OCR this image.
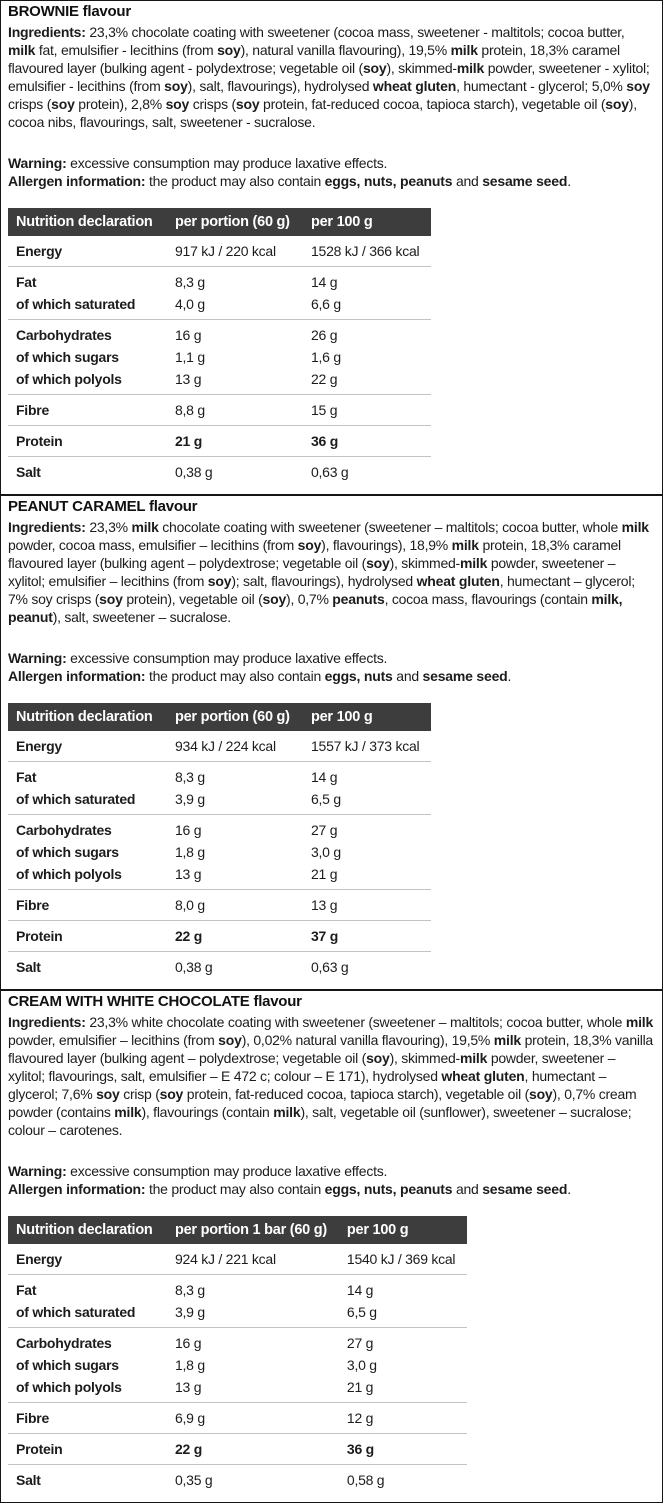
BROWNIE flavour

Ingredients: 23,3% chocolate coating with sweetener (cocoa mass, sweetener - maltitols; cocoa butter, milk fat, emulsifier - lecithins (from soy), natural vanilla flavouring), 19,5% milk protein, 18,3% caramel flavoured layer (bulking agent - polydextrose; vegetable oil (soy), skimmed-milk powder, sweetener - xylitol; emulsifier - lecithins (from soy), salt, flavourings), hydrolysed wheat gluten, humectant - glycerol; 5,0% soy crisps (soy protein), 2,8% soy crisps (soy protein, fat-reduced cocoa, tapioca starch), vegetable oil (soy), cocoa nibs, flavourings, salt, sweetener - sucralose.

Warning: excessive consumption may produce laxative effects.

Allergen information: the product may also contain eggs, nuts, peanuts and sesame seed.

Nutrition declaration	per portion (60 g)	per 100 g
Energy	917 kJ / 220 kcal	1528 kJ / 366 kcal
Fat	8,3 g	14 g
of which saturated	4,0 g	6,6 g
Carbohydrates	16 g	26 g
of which sugars	1,1 g	1,6 g
of which polyols	13 g	22 g
Fibre	8,8 g	15 g
Protein	21 g	36 g
Salt	0,38 g	0,63 g
PEANUT CARAMEL flavour

Ingredients: 23,3% milk chocolate coating with sweetener (sweetener – maltitols; cocoa butter, whole milk powder, cocoa mass, emulsifier – lecithins (from soy), flavourings), 18,9% milk protein, 18,3% caramel flavoured layer (bulking agent – polydextrose; vegetable oil (soy), skimmed-milk powder, sweetener – xylitol; emulsifier – lecithins (from soy); salt, flavourings), hydrolysed wheat gluten, humectant – glycerol; 7% soy crisps (soy protein), vegetable oil (soy), 0,7% peanuts, cocoa mass, flavourings (contain milk, peanut), salt, sweetener – sucralose.

Warning: excessive consumption may produce laxative effects.

Allergen information: the product may also contain eggs, nuts and sesame seed.

Nutrition declaration	per portion (60 g)	per 100 g
Energy	934 kJ / 224 kcal	1557 kJ / 373 kcal
Fat	8,3 g	14 g
of which saturated	3,9 g	6,5 g
Carbohydrates	16 g	27 g
of which sugars	1,8 g	3,0 g
of which polyols	13 g	21 g
Fibre	8,0 g	13 g
Protein	22 g	37 g
Salt	0,38 g	0,63 g
CREAM WITH WHITE CHOCOLATE flavour

Ingredients: 23,3% white chocolate coating with sweetener (sweetener – maltitols; cocoa butter, whole milk powder, emulsifier – lecithins (from soy), 0,02% natural vanilla flavouring), 19,5% milk protein, 18,3% vanilla flavoured layer (bulking agent – polydextrose; vegetable oil (soy), skimmed-milk powder, sweetener – xylitol; flavourings, salt, emulsifier – E 472 c; colour – E 171), hydrolysed wheat gluten, humectant – glycerol; 7,6% soy crisp (soy protein, fat-reduced cocoa, tapioca starch), vegetable oil (soy), 0,7% cream powder (contains milk), flavourings (contain milk), salt, vegetable oil (sunflower), sweetener – sucralose; colour – carotenes.

Warning: excessive consumption may produce laxative effects.

Allergen information: the product may also contain eggs, nuts, peanuts and sesame seed.

Nutrition declaration	per portion 1 bar (60 g)	per 100 g
Energy	924 kJ / 221 kcal	1540 kJ / 369 kcal
Fat	8,3 g	14 g
of which saturated	3,9 g	6,5 g
Carbohydrates	16 g	27 g
of which sugars	1,8 g	3,0 g
of which polyols	13 g	21 g
Fibre	6,9 g	12 g
Protein	22 g	36 g
Salt	0,35 g	0,58 g
